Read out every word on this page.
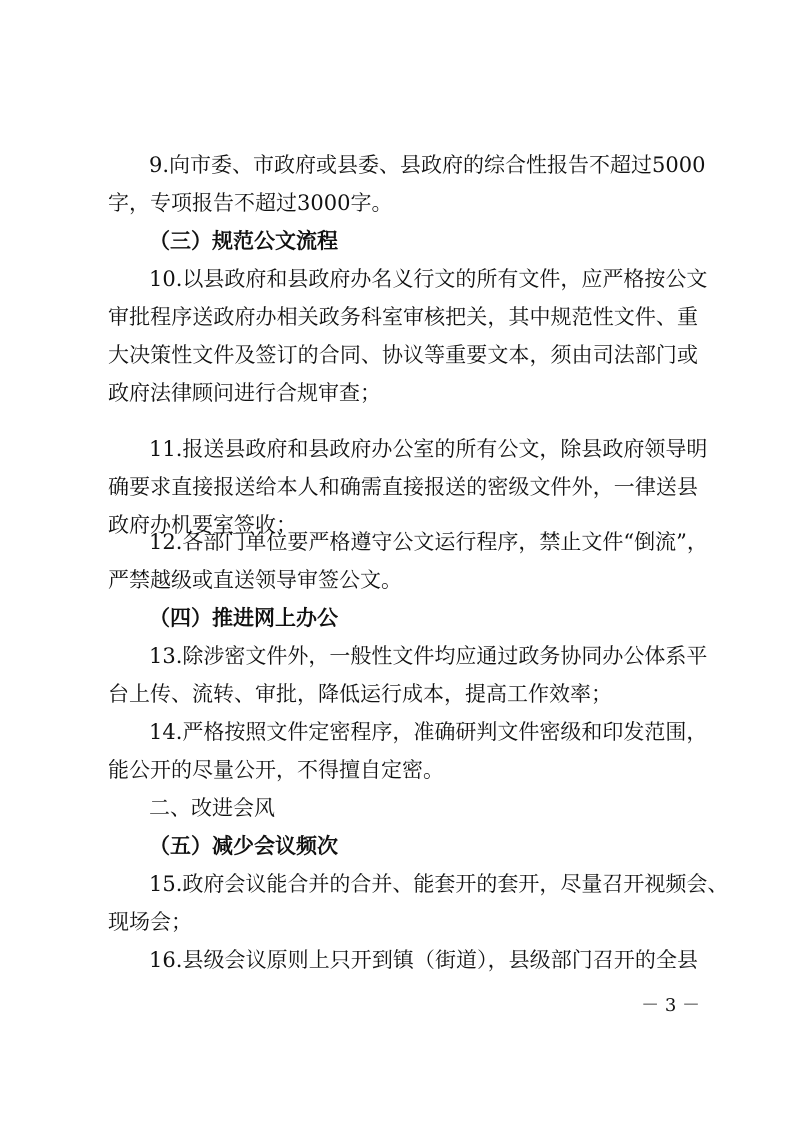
9.向市委、市政府或县委、县政府的综合性报告不超过5000
字，专项报告不超过3000字。
（三）规范公文流程
10.以县政府和县政府办名义行文的所有文件，应严格按公文
审批程序送政府办相关政务科室审核把关，其中规范性文件、重
大决策性文件及签订的合同、协议等重要文本，须由司法部门或
政府法律顾问进行合规审查；
11.报送县政府和县政府办公室的所有公文，除县政府领导明
确要求直接报送给本人和确需直接报送的密级文件外，一律送县
政府办机要室签收；
12.各部门单位要严格遵守公文运行程序，禁止文件“倒流”，
严禁越级或直送领导审签公文。
（四）推进网上办公
13.除涉密文件外，一般性文件均应通过政务协同办公体系平
台上传、流转、审批，降低运行成本，提高工作效率；
14.严格按照文件定密程序，准确研判文件密级和印发范围，
能公开的尽量公开，不得擅自定密。
二、改进会风
（五）减少会议频次
15.政府会议能合并的合并、能套开的套开，尽量召开视频会、
现场会；
16.县级会议原则上只开到镇（街道），县级部门召开的全县
－ 3 －
